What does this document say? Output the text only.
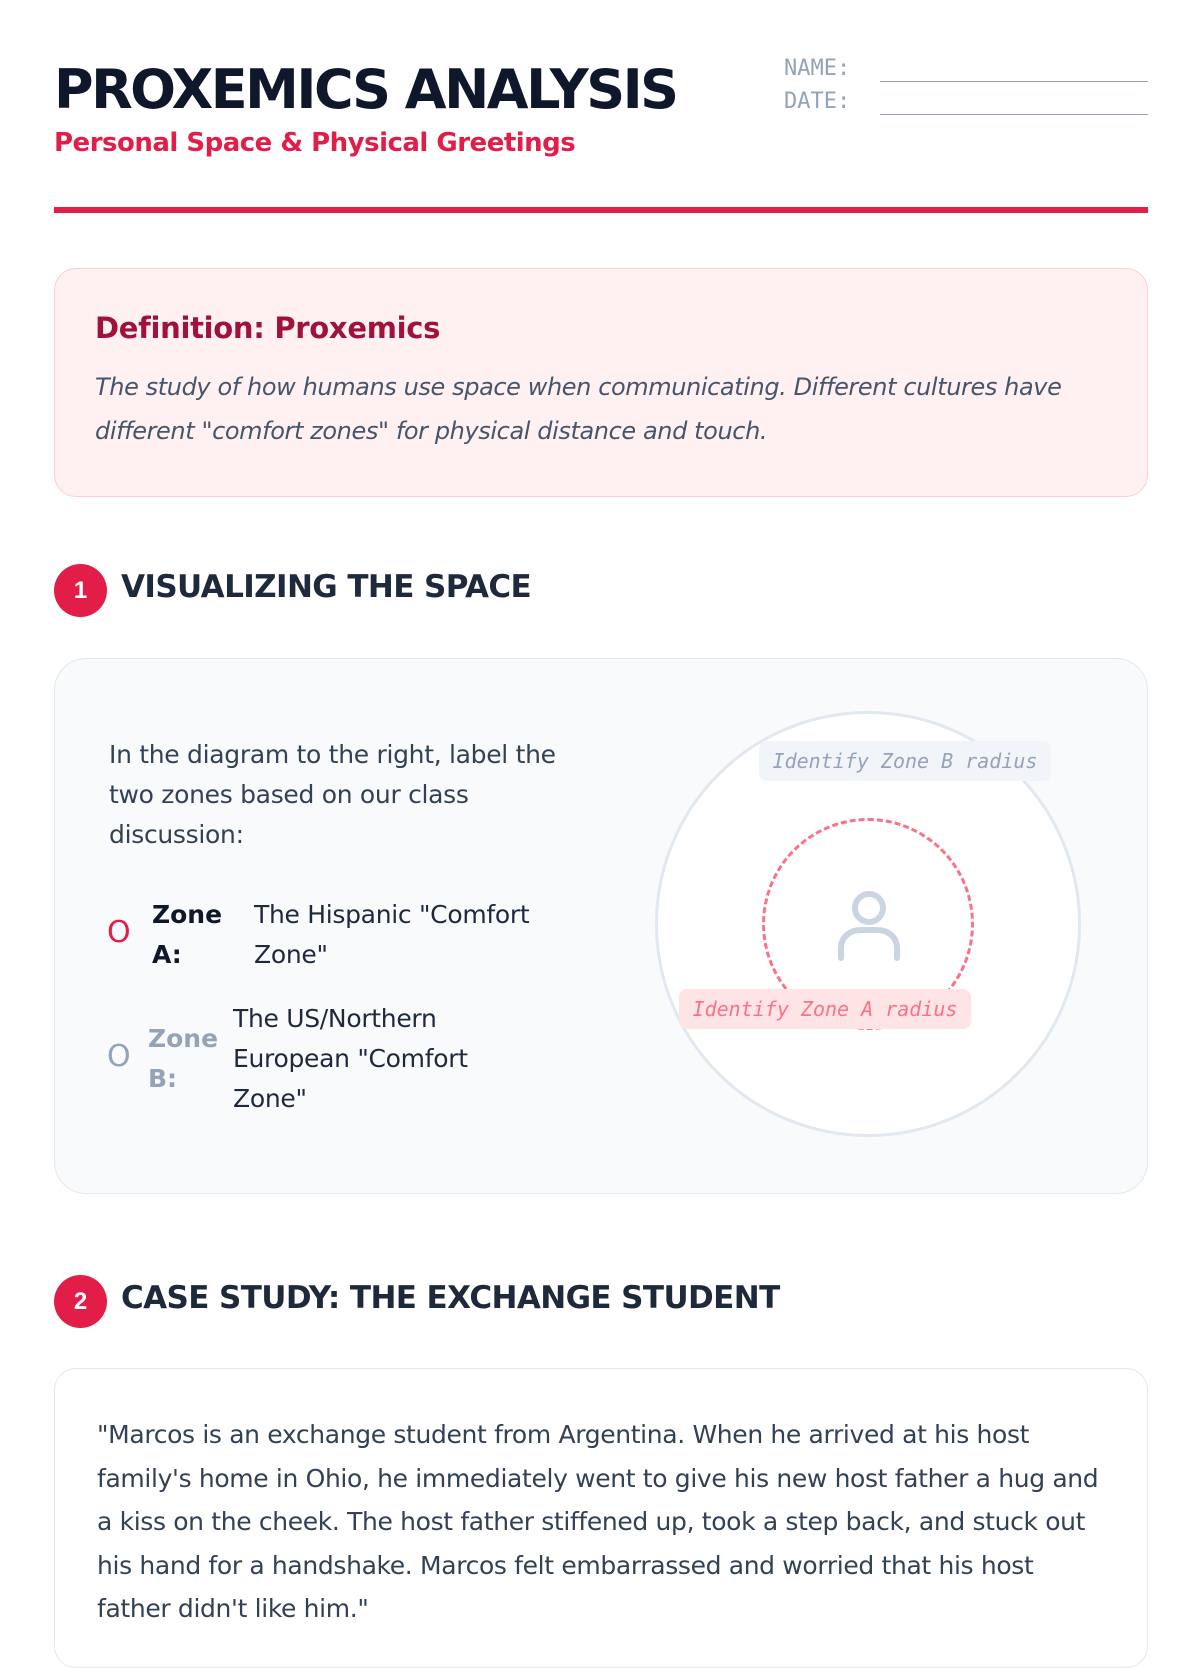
PROXEMICS ANALYSIS
Personal Space & Physical Greetings
NAME:
DATE:
Definition: Proxemics
The study of how humans use space when communicating. Different cultures have different "comfort zones" for physical distance and touch.
1	VISUALIZING THE SPACE
In the diagram to the right, label the two zones based on our class discussion:
O
Zone A:
The Hispanic "Comfort Zone"
O
Zone B:
The US/Northern European "Comfort Zone"
Identify Zone B radius
Identify Zone A radius
2	CASE STUDY: THE EXCHANGE STUDENT
"Marcos is an exchange student from Argentina. When he arrived at his host family's home in Ohio, he immediately went to give his new host father a hug and a kiss on the cheek. The host father stiffened up, took a step back, and stuck out his hand for a handshake. Marcos felt embarrassed and worried that his host father didn't like him."
